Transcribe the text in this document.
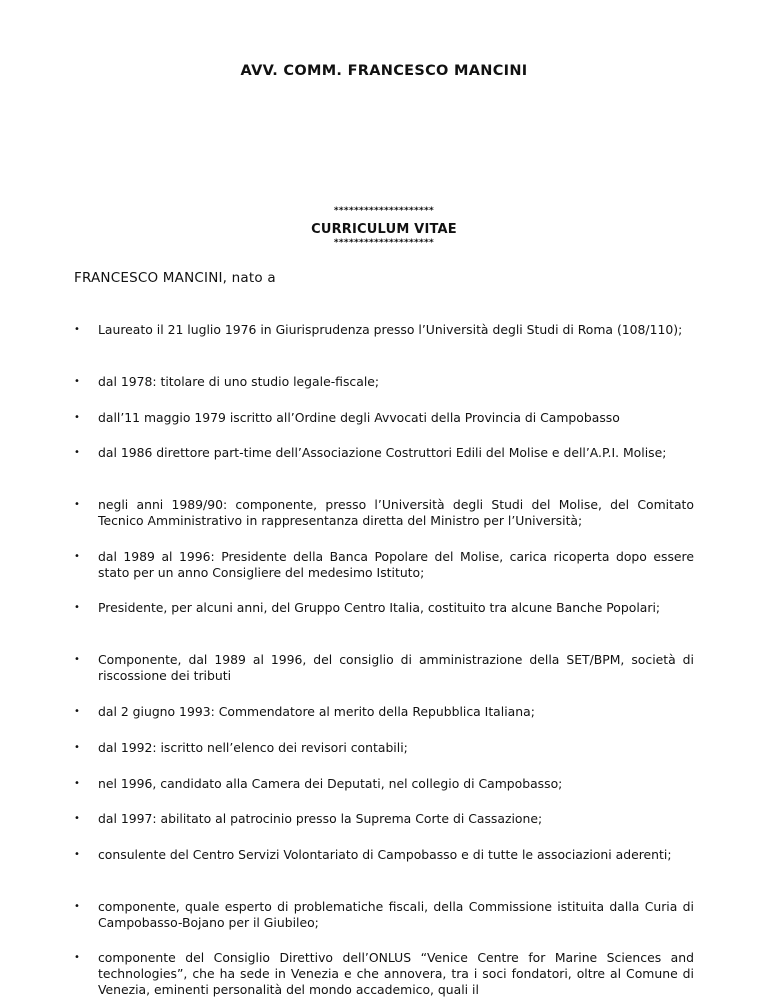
AVV. COMM. FRANCESCO MANCINI
********************
CURRICULUM VITAE
********************
FRANCESCO MANCINI, nato a
• Laureato il 21 luglio 1976 in Giurisprudenza presso l’Università degli Studi di Roma (108/110);
• dal 1978: titolare di uno studio legale-fiscale;
• dall’11 maggio 1979 iscritto all’Ordine degli Avvocati della Provincia di Campobasso
• dal 1986 direttore part-time dell’Associazione Costruttori Edili del Molise e dell’A.P.I. Molise;
• negli anni 1989/90: componente, presso l’Università degli Studi del Molise, del Comitato Tecnico Amministrativo in rappresentanza diretta del Ministro per l’Università;
• dal 1989 al 1996: Presidente della Banca Popolare del Molise, carica ricoperta dopo essere stato per un anno Consigliere del medesimo Istituto;
• Presidente, per alcuni anni, del Gruppo Centro Italia, costituito tra alcune Banche Popolari;
• Componente, dal 1989 al 1996, del consiglio di amministrazione della SET/BPM, società di riscossione dei tributi
• dal 2 giugno 1993: Commendatore al merito della Repubblica Italiana;
• dal 1992: iscritto nell’elenco dei revisori contabili;
• nel 1996, candidato alla Camera dei Deputati, nel collegio di Campobasso;
• dal 1997: abilitato al patrocinio presso la Suprema Corte di Cassazione;
• consulente del Centro Servizi Volontariato di Campobasso e di tutte le associazioni aderenti;
• componente, quale esperto di problematiche fiscali, della Commissione istituita dalla Curia di Campobasso-Bojano per il Giubileo;
• componente del Consiglio Direttivo dell’ONLUS “Venice Centre for Marine Sciences and technologies”, che ha sede in Venezia e che annovera, tra i soci fondatori, oltre al Comune di Venezia, eminenti personalità del mondo accademico, quali il
